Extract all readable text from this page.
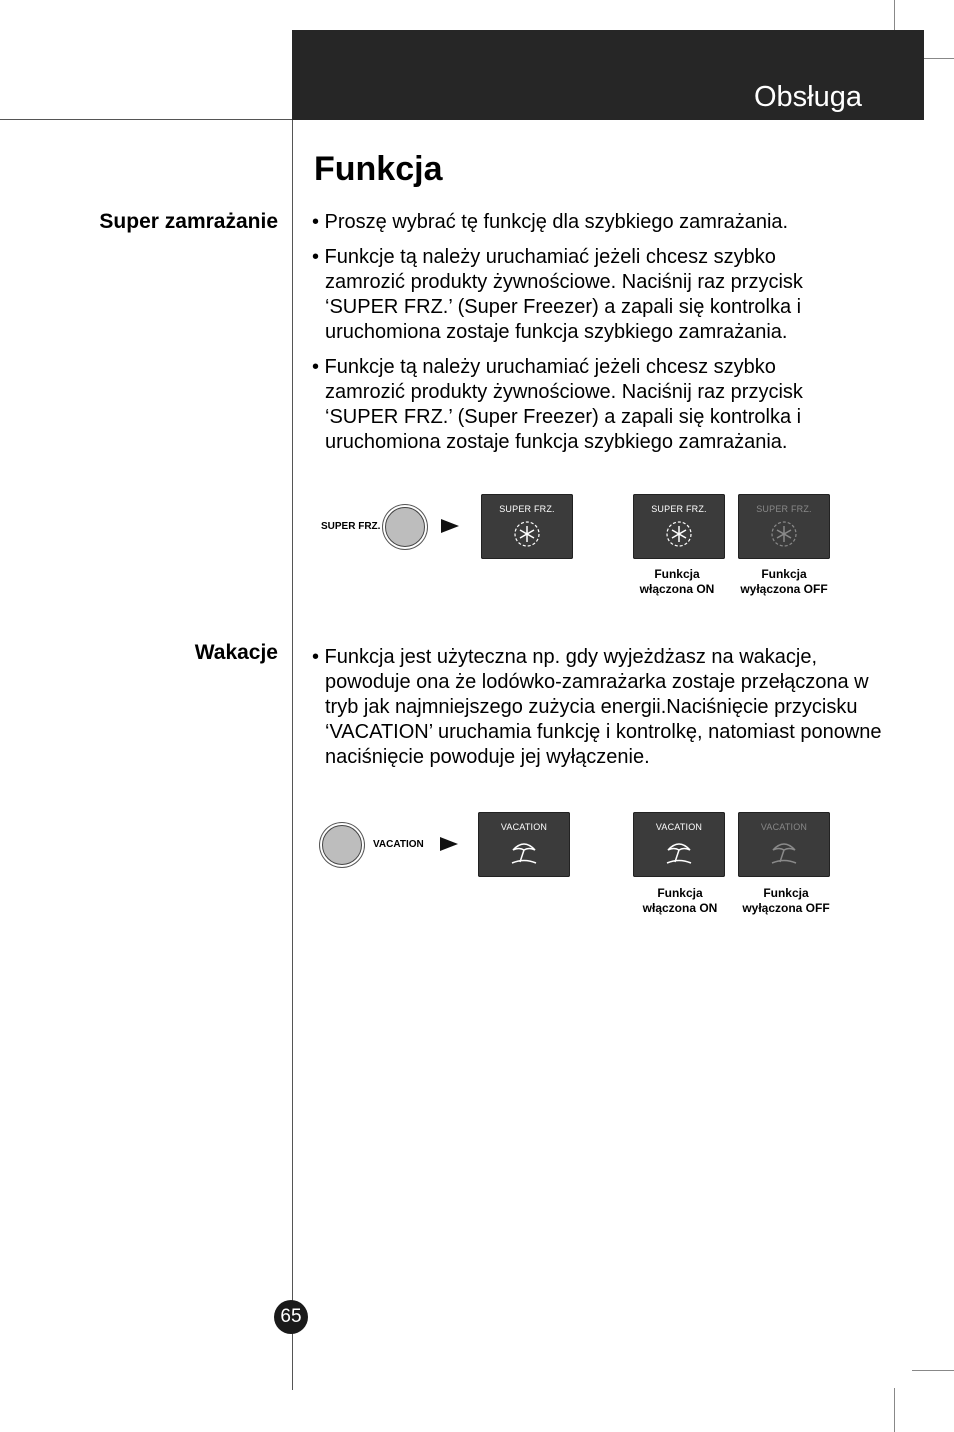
Obsługa
Funkcja
Super zamrażanie • Proszę wybrać tę funkcję dla szybkiego zamrażania.

• Funkcje tą należy uruchamiać jeżeli chcesz szybko zamrozić produkty żywnościowe. Naciśnij raz przycisk ‘SUPER FRZ.’ (Super Freezer) a zapali się kontrolka i uruchomiona zostaje funkcja szybkiego zamrażania.

• Funkcje tą należy uruchamiać jeżeli chcesz szybko zamrozić produkty żywnościowe. Naciśnij raz przycisk ‘SUPER FRZ.’ (Super Freezer) a zapali się kontrolka i uruchomiona zostaje funkcja szybkiego zamrażania.

SUPER FRZ.
SUPER FRZ.	SUPER FRZ.	SUPER FRZ.
Funkcja
włączona ON
Funkcja
wyłączona OFF
Wakacje • Funkcja jest użyteczna np. gdy wyjeżdżasz na wakacje, powoduje ona że lodówko-zamrażarka zostaje przełączona w tryb jak najmniejszego zużycia energii.Naciśnięcie przycisku ‘VACATION’ uruchamia funkcję i kontrolkę, natomiast ponowne naciśnięcie powoduje jej wyłączenie.

VACATION
VACATION	VACATION	VACATION
Funkcja
włączona ON
Funkcja
wyłączona OFF
65
